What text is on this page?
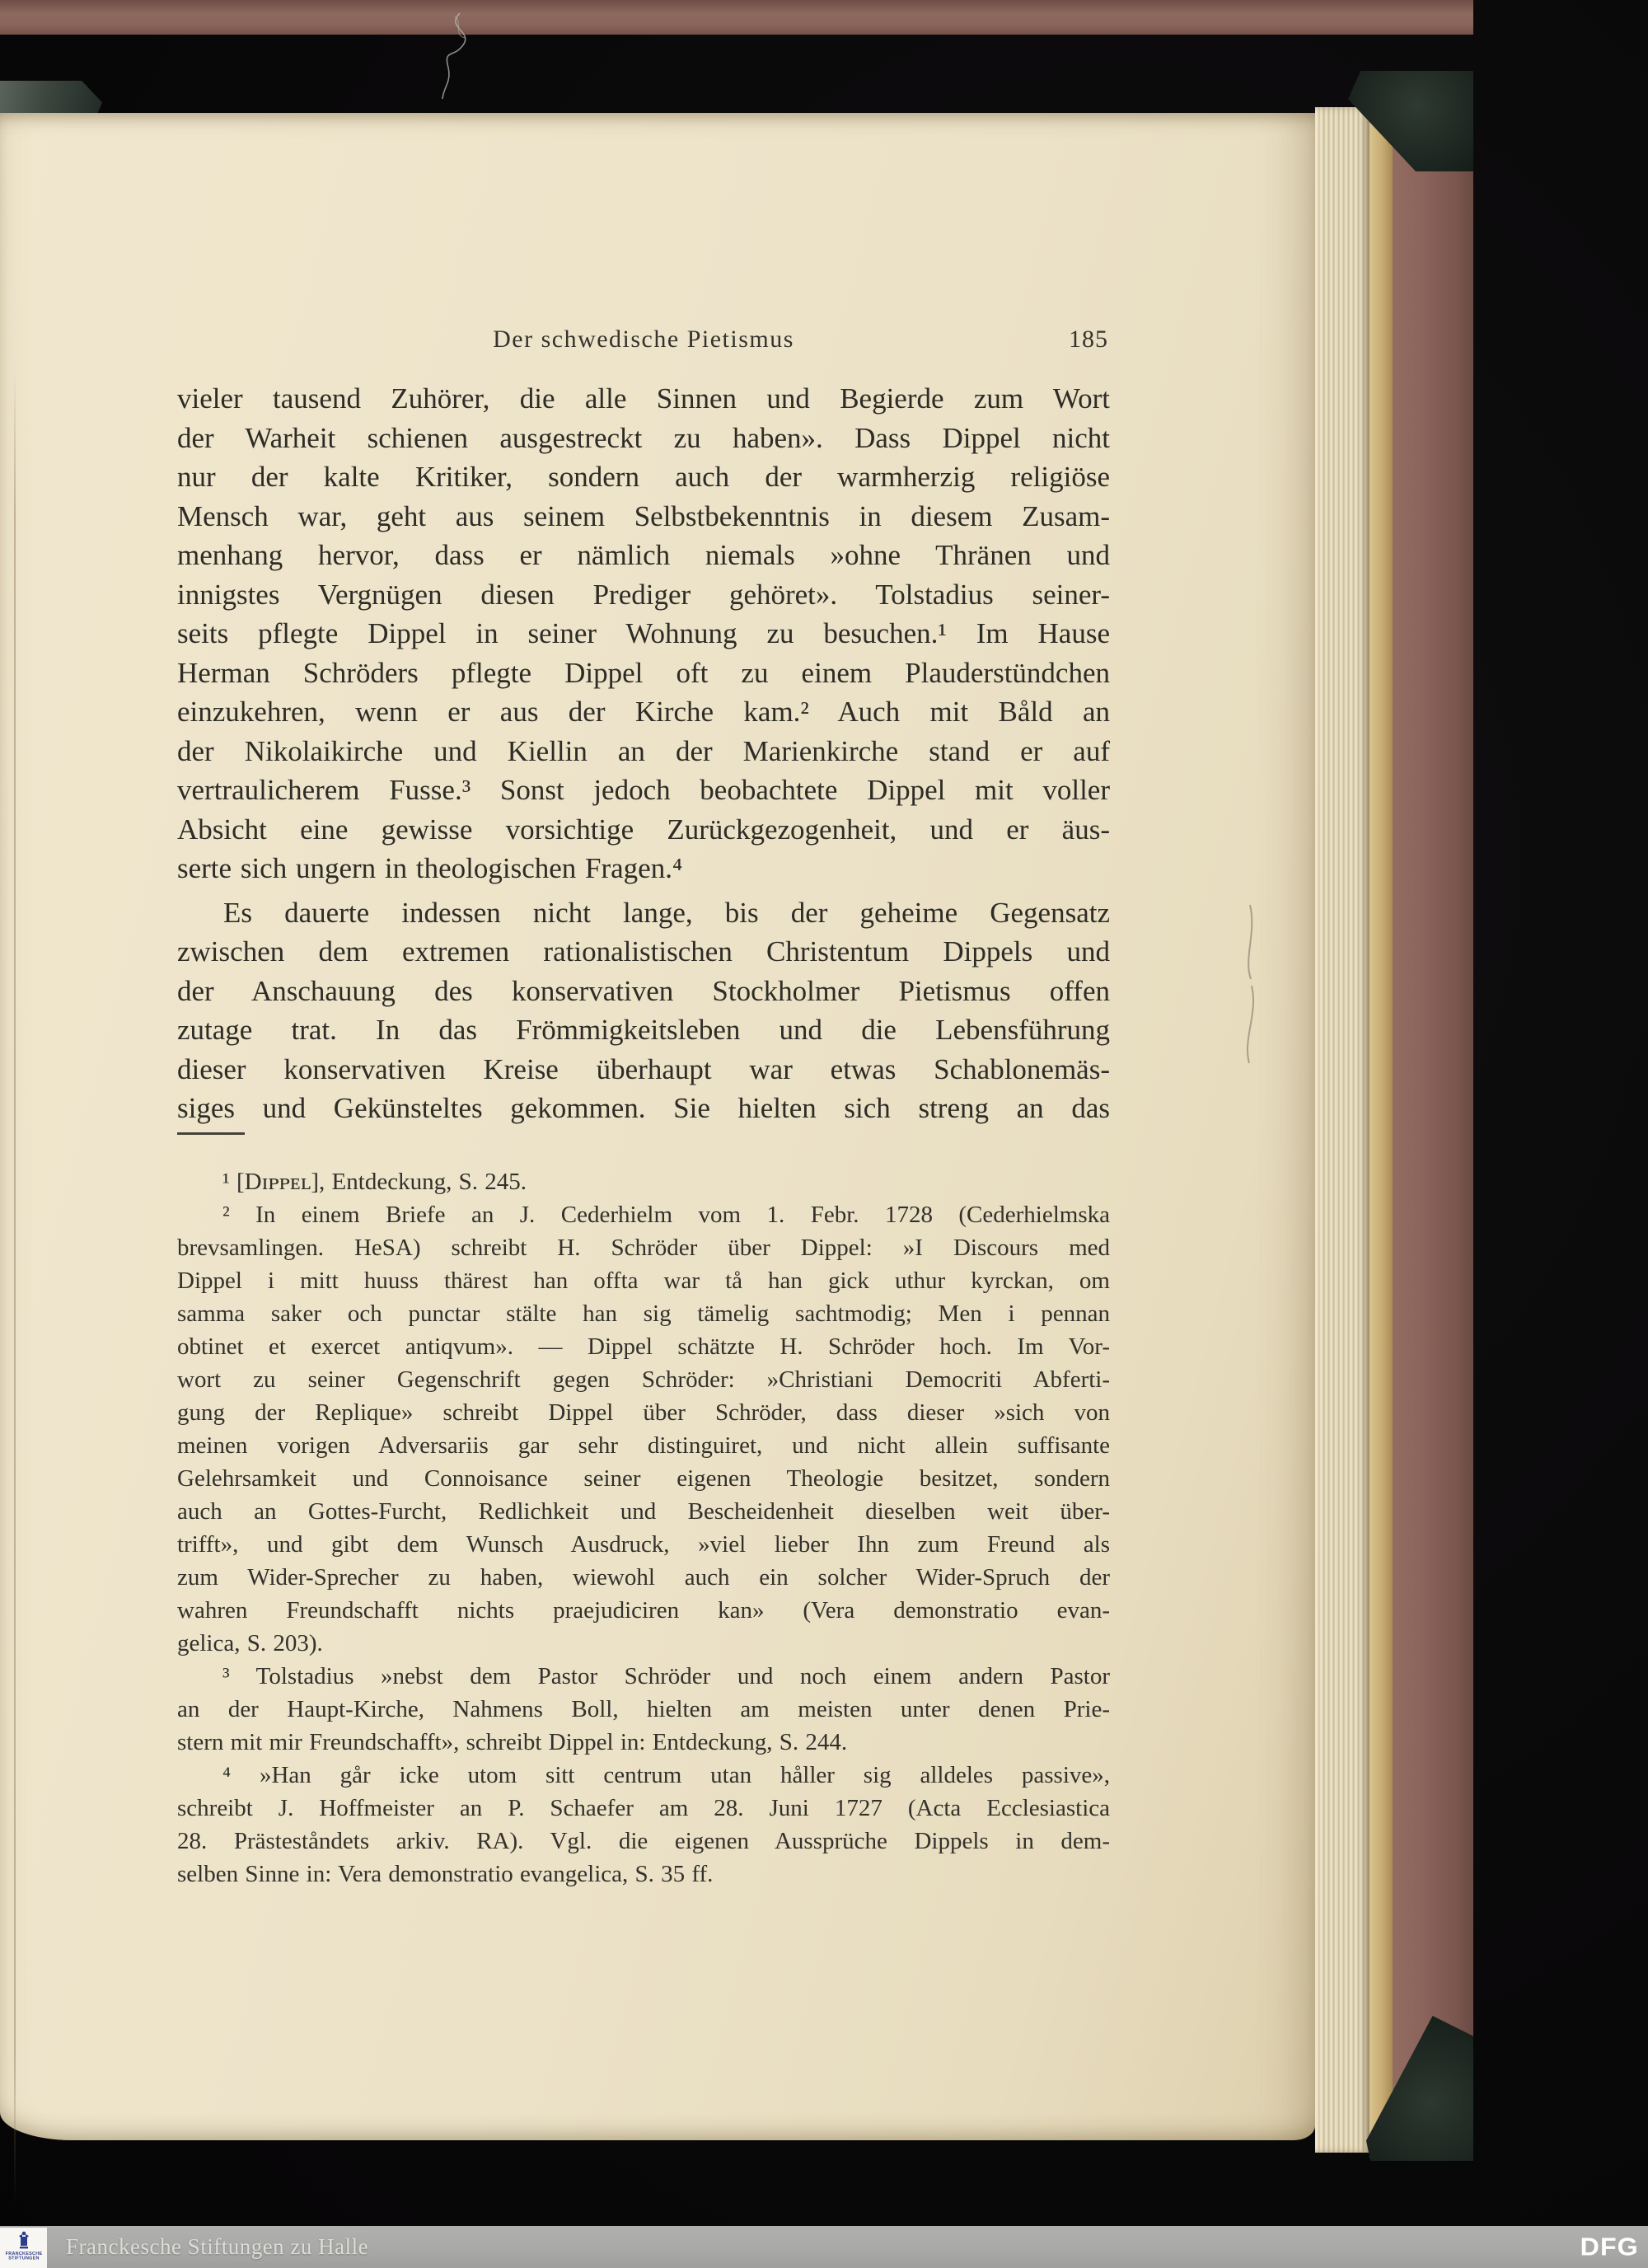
Der schwedische Pietismus	185
vieler tausend Zuhörer, die alle Sinnen und Begierde zum Wort
der Warheit schienen ausgestreckt zu haben». Dass Dippel nicht
nur der kalte Kritiker, sondern auch der warmherzig religiöse
Mensch war, geht aus seinem Selbstbekenntnis in diesem Zusam-
menhang hervor, dass er nämlich niemals »ohne Thränen und
innigstes Vergnügen diesen Prediger gehöret». Tolstadius seiner-
seits pflegte Dippel in seiner Wohnung zu besuchen.¹ Im Hause
Herman Schröders pflegte Dippel oft zu einem Plauderstündchen
einzukehren, wenn er aus der Kirche kam.² Auch mit Båld an
der Nikolaikirche und Kiellin an der Marienkirche stand er auf
vertraulicherem Fusse.³ Sonst jedoch beobachtete Dippel mit voller
Absicht eine gewisse vorsichtige Zurückgezogenheit, und er äus-
serte sich ungern in theologischen Fragen.⁴
Es dauerte indessen nicht lange, bis der geheime Gegensatz
zwischen dem extremen rationalistischen Christentum Dippels und
der Anschauung des konservativen Stockholmer Pietismus offen
zutage trat. In das Frömmigkeitsleben und die Lebensführung
dieser konservativen Kreise überhaupt war etwas Schablonemäs-
siges und Gekünsteltes gekommen. Sie hielten sich streng an das
¹ [Dɪᴘᴘᴇʟ], Entdeckung, S. 245.
² In einem Briefe an J. Cederhielm vom 1. Febr. 1728 (Cederhielmska
brevsamlingen. HeSA) schreibt H. Schröder über Dippel: »I Discours med
Dippel i mitt huuss thärest han offta war tå han gick uthur kyrckan, om
samma saker och punctar stälte han sig tämelig sachtmodig; Men i pennan
obtinet et exercet antiqvum». — Dippel schätzte H. Schröder hoch. Im Vor-
wort zu seiner Gegenschrift gegen Schröder: »Christiani Democriti Abferti-
gung der Replique» schreibt Dippel über Schröder, dass dieser »sich von
meinen vorigen Adversariis gar sehr distinguiret, und nicht allein suffisante
Gelehrsamkeit und Connoisance seiner eigenen Theologie besitzet, sondern
auch an Gottes-Furcht, Redlichkeit und Bescheidenheit dieselben weit über-
trifft», und gibt dem Wunsch Ausdruck, »viel lieber Ihn zum Freund als
zum Wider-Sprecher zu haben, wiewohl auch ein solcher Wider-Spruch der
wahren Freundschafft nichts praejudiciren kan» (Vera demonstratio evan-
gelica, S. 203).
³ Tolstadius »nebst dem Pastor Schröder und noch einem andern Pastor
an der Haupt-Kirche, Nahmens Boll, hielten am meisten unter denen Prie-
stern mit mir Freundschafft», schreibt Dippel in: Entdeckung, S. 244.
⁴ »Han går icke utom sitt centrum utan håller sig alldeles passive»,
schreibt J. Hoffmeister an P. Schaefer am 28. Juni 1727 (Acta Ecclesiastica
28. Prästeståndets arkiv. RA). Vgl. die eigenen Aussprüche Dippels in dem-
selben Sinne in: Vera demonstratio evangelica, S. 35 ff.
FRANCKESCHE
STIFTUNGEN Franckesche Stiftungen zu Halle	DFG
